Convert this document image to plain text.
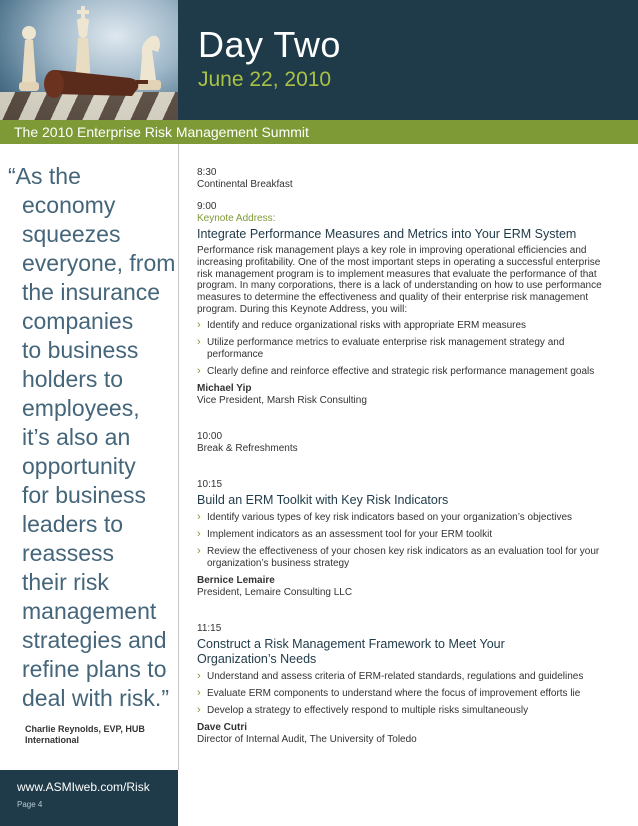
Day Two
June 22, 2010
The 2010 Enterprise Risk Management Summit
“As the
economy
squeezes
everyone, from
the insurance
companies
to business
holders to
employees,
it’s also an
opportunity
for business
leaders to
reassess
their risk
management
strategies and
refine plans to
deal with risk.”
Charlie Reynolds, EVP, HUB
International
www.ASMIweb.com/Risk
Page 4
8:30
Continental Breakfast
9:00
Keynote Address:
Integrate Performance Measures and Metrics into Your ERM System
Performance risk management plays a key role in improving operational efficiencies and increasing profitability. One of the most important steps in operating a successful enterprise risk management program is to implement measures that evaluate the performance of that program. In many corporations, there is a lack of understanding on how to use performance measures to determine the effectiveness and quality of their enterprise risk management program. During this Keynote Address, you will:
› Identify and reduce organizational risks with appropriate ERM measures
› Utilize performance metrics to evaluate enterprise risk management strategy and performance
› Clearly define and reinforce effective and strategic risk performance management goals
Michael Yip
Vice President, Marsh Risk Consulting
10:00
Break & Refreshments
10:15
Build an ERM Toolkit with Key Risk Indicators
› Identify various types of key risk indicators based on your organization’s objectives
› Implement indicators as an assessment tool for your ERM toolkit
› Review the effectiveness of your chosen key risk indicators as an evaluation tool for your organization’s business strategy
Bernice Lemaire
President, Lemaire Consulting LLC
11:15
Construct a Risk Management Framework to Meet Your Organization’s Needs
› Understand and assess criteria of ERM-related standards, regulations and guidelines
› Evaluate ERM components to understand where the focus of improvement efforts lie
› Develop a strategy to effectively respond to multiple risks simultaneously
Dave Cutri
Director of Internal Audit, The University of Toledo
